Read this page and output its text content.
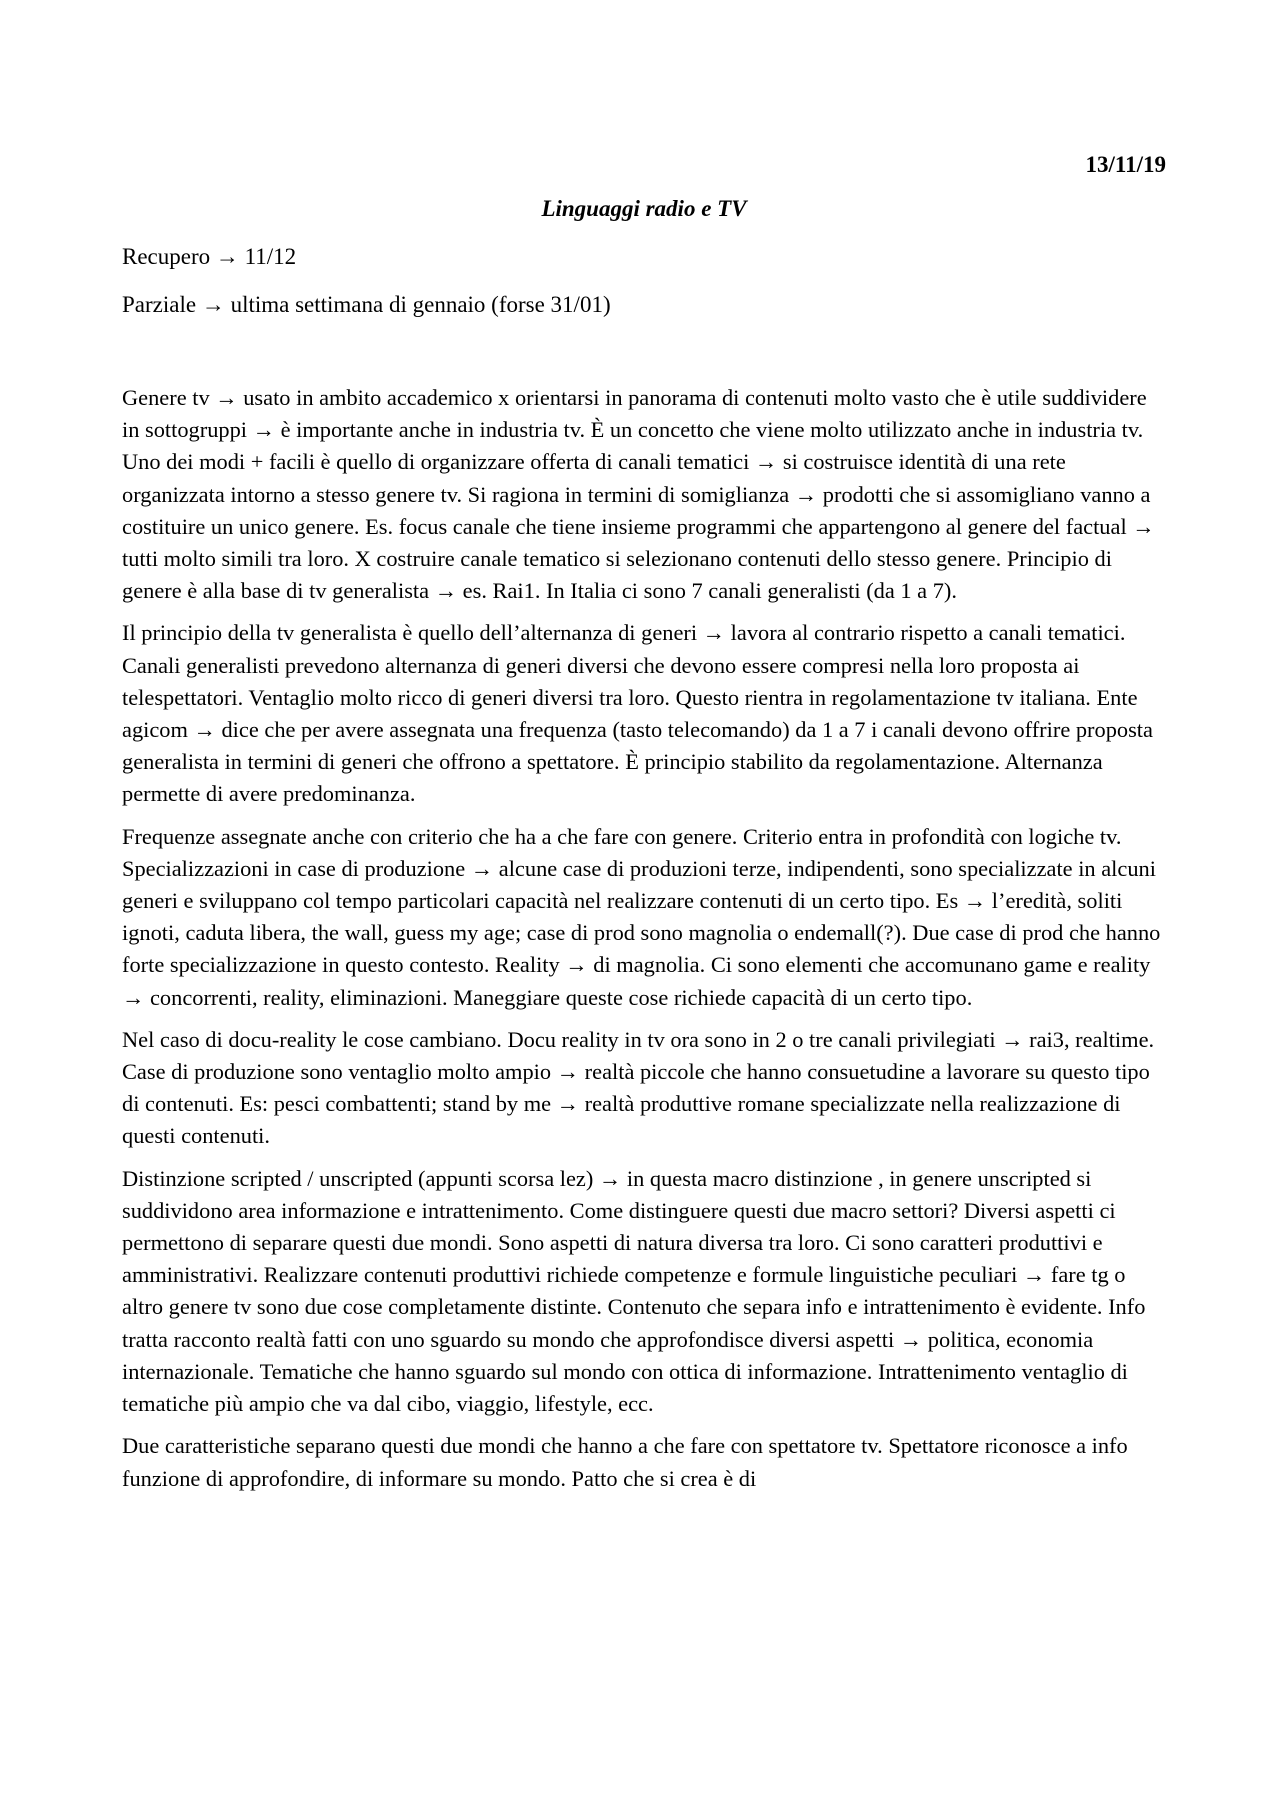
13/11/19

Linguaggi radio e TV

Recupero → 11/12

Parziale → ultima settimana di gennaio (forse 31/01)

Genere tv → usato in ambito accademico x orientarsi in panorama di contenuti molto vasto che è utile suddividere in sottogruppi → è importante anche in industria tv. È un concetto che viene molto utilizzato anche in industria tv. Uno dei modi + facili è quello di organizzare offerta di canali tematici → si costruisce identità di una rete organizzata intorno a stesso genere tv. Si ragiona in termini di somiglianza → prodotti che si assomigliano vanno a costituire un unico genere. Es. focus canale che tiene insieme programmi che appartengono al genere del factual → tutti molto simili tra loro. X costruire canale tematico si selezionano contenuti dello stesso genere. Principio di genere è alla base di tv generalista → es. Rai1. In Italia ci sono 7 canali generalisti (da 1 a 7).

Il principio della tv generalista è quello dell’alternanza di generi → lavora al contrario rispetto a canali tematici. Canali generalisti prevedono alternanza di generi diversi che devono essere compresi nella loro proposta ai telespettatori. Ventaglio molto ricco di generi diversi tra loro. Questo rientra in regolamentazione tv italiana. Ente agicom → dice che per avere assegnata una frequenza (tasto telecomando) da 1 a 7 i canali devono offrire proposta generalista in termini di generi che offrono a spettatore. È principio stabilito da regolamentazione. Alternanza permette di avere predominanza.

Frequenze assegnate anche con criterio che ha a che fare con genere. Criterio entra in profondità con logiche tv. Specializzazioni in case di produzione → alcune case di produzioni terze, indipendenti, sono specializzate in alcuni generi e sviluppano col tempo particolari capacità nel realizzare contenuti di un certo tipo. Es → l’eredità, soliti ignoti, caduta libera, the wall, guess my age; case di prod sono magnolia o endemall(?). Due case di prod che hanno forte specializzazione in questo contesto. Reality → di magnolia. Ci sono elementi che accomunano game e reality → concorrenti, reality, eliminazioni. Maneggiare queste cose richiede capacità di un certo tipo.

Nel caso di docu-reality le cose cambiano. Docu reality in tv ora sono in 2 o tre canali privilegiati → rai3, realtime. Case di produzione sono ventaglio molto ampio → realtà piccole che hanno consuetudine a lavorare su questo tipo di contenuti. Es: pesci combattenti; stand by me → realtà produttive romane specializzate nella realizzazione di questi contenuti.

Distinzione scripted / unscripted (appunti scorsa lez) → in questa macro distinzione , in genere unscripted si suddividono area informazione e intrattenimento. Come distinguere questi due macro settori? Diversi aspetti ci permettono di separare questi due mondi. Sono aspetti di natura diversa tra loro. Ci sono caratteri produttivi e amministrativi. Realizzare contenuti produttivi richiede competenze e formule linguistiche peculiari → fare tg o altro genere tv sono due cose completamente distinte. Contenuto che separa info e intrattenimento è evidente. Info tratta racconto realtà fatti con uno sguardo su mondo che approfondisce diversi aspetti → politica, economia internazionale. Tematiche che hanno sguardo sul mondo con ottica di informazione. Intrattenimento ventaglio di tematiche più ampio che va dal cibo, viaggio, lifestyle, ecc.

Due caratteristiche separano questi due mondi che hanno a che fare con spettatore tv. Spettatore riconosce a info funzione di approfondire, di informare su mondo. Patto che si crea è di
